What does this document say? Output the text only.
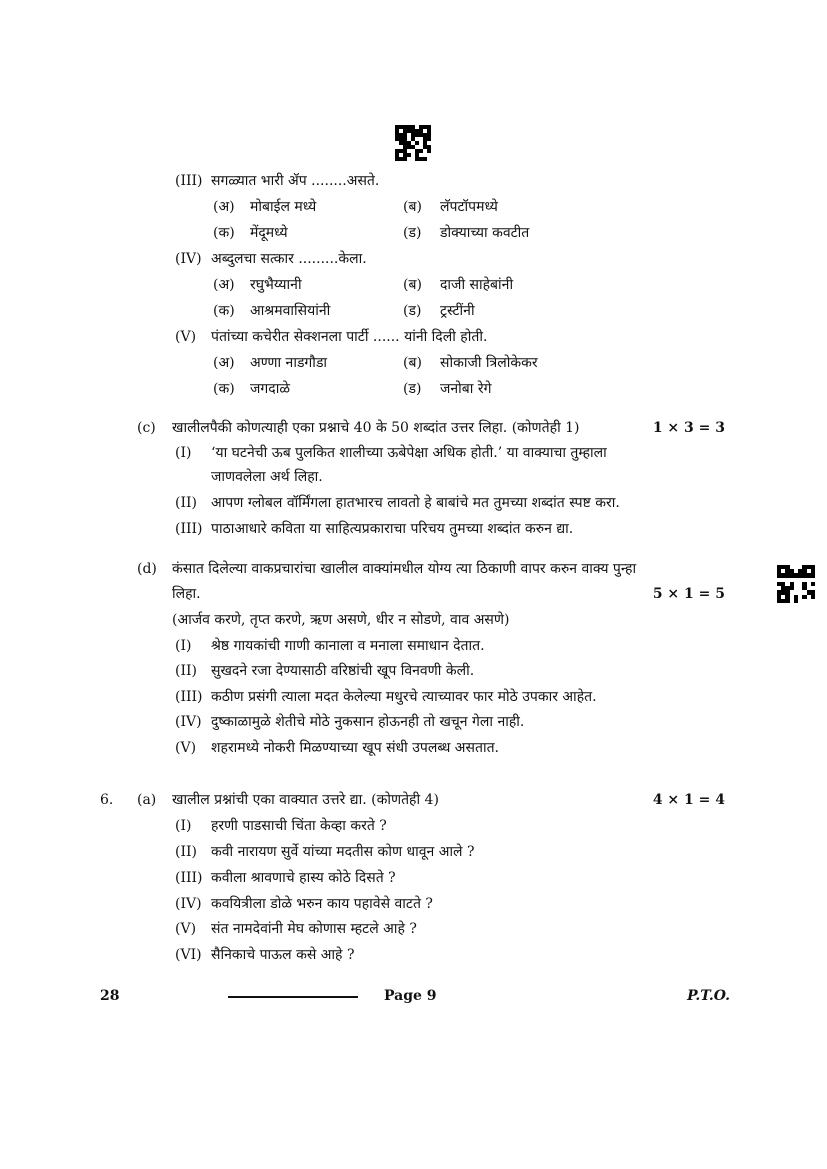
(III) सगळ्यात भारी ॲप ........असते.
(अ) मोबाईल मध्ये	(ब) लॅपटॉपमध्ये
(क) मेंदूमध्ये	(ड) डोक्याच्या कवटीत
(IV) अब्दुलचा सत्कार .........केला.
(अ) रघुभैय्यानी	(ब) दाजी साहेबांनी
(क) आश्रमवासियांनी	(ड) ट्रस्टींनी
(V) पंतांच्या कचेरीत सेक्शनला पार्टी ...... यांनी दिली होती.
(अ) अण्णा नाडगौडा	(ब) सोकाजी त्रिलोकेकर
(क) जगदाळे	(ड) जनोबा रेगे
(c) खालीलपैकी कोणत्याही एका प्रश्नाचे 40 के 50 शब्दांत उत्तर लिहा. (कोणतेही 1)	1 × 3 = 3
(I) ‘या घटनेची ऊब पुलकित शालीच्या ऊबेपेक्षा अधिक होती.’ या वाक्याचा तुम्हाला
जाणवलेला अर्थ लिहा.
(II) आपण ग्लोबल वॉर्मिंगला हातभारच लावतो हे बाबांचे मत तुमच्या शब्दांत स्पष्ट करा.
(III) पाठाआधारे कविता या साहित्यप्रकाराचा परिचय तुमच्या शब्दांत करुन द्या.
(d) कंसात दिलेल्या वाकप्रचारांचा खालील वाक्यांमधील योग्य त्या ठिकाणी वापर करुन वाक्य पुन्हा
लिहा.	5 × 1 = 5
(आर्जव करणे, तृप्त करणे, ऋण असणे, धीर न सोडणे, वाव असणे)
(I) श्रेष्ठ गायकांची गाणी कानाला व मनाला समाधान देतात.
(II) सुखदने रजा देण्यासाठी वरिष्ठांची खूप विनवणी केली.
(III) कठीण प्रसंगी त्याला मदत केलेल्या मधुरचे त्याच्यावर फार मोठे उपकार आहेत.
(IV) दुष्काळामुळे शेतीचे मोठे नुकसान होऊनही तो खचून गेला नाही.
(V) शहरामध्ये नोकरी मिळण्याच्या खूप संधी उपलब्ध असतात.
6. (a) खालील प्रश्नांची एका वाक्यात उत्तरे द्या. (कोणतेही 4)	4 × 1 = 4
(I) हरणी पाडसाची चिंता केव्हा करते ?
(II) कवी नारायण सुर्वे यांच्या मदतीस कोण धावून आले ?
(III) कवीला श्रावणाचे हास्य कोठे दिसते ?
(IV) कवयित्रीला डोळे भरुन काय पहावेसे वाटते ?
(V) संत नामदेवांनी मेघ कोणास म्हटले आहे ?
(VI) सैनिकाचे पाऊल कसे आहे ?
28	Page 9	P.T.O.
